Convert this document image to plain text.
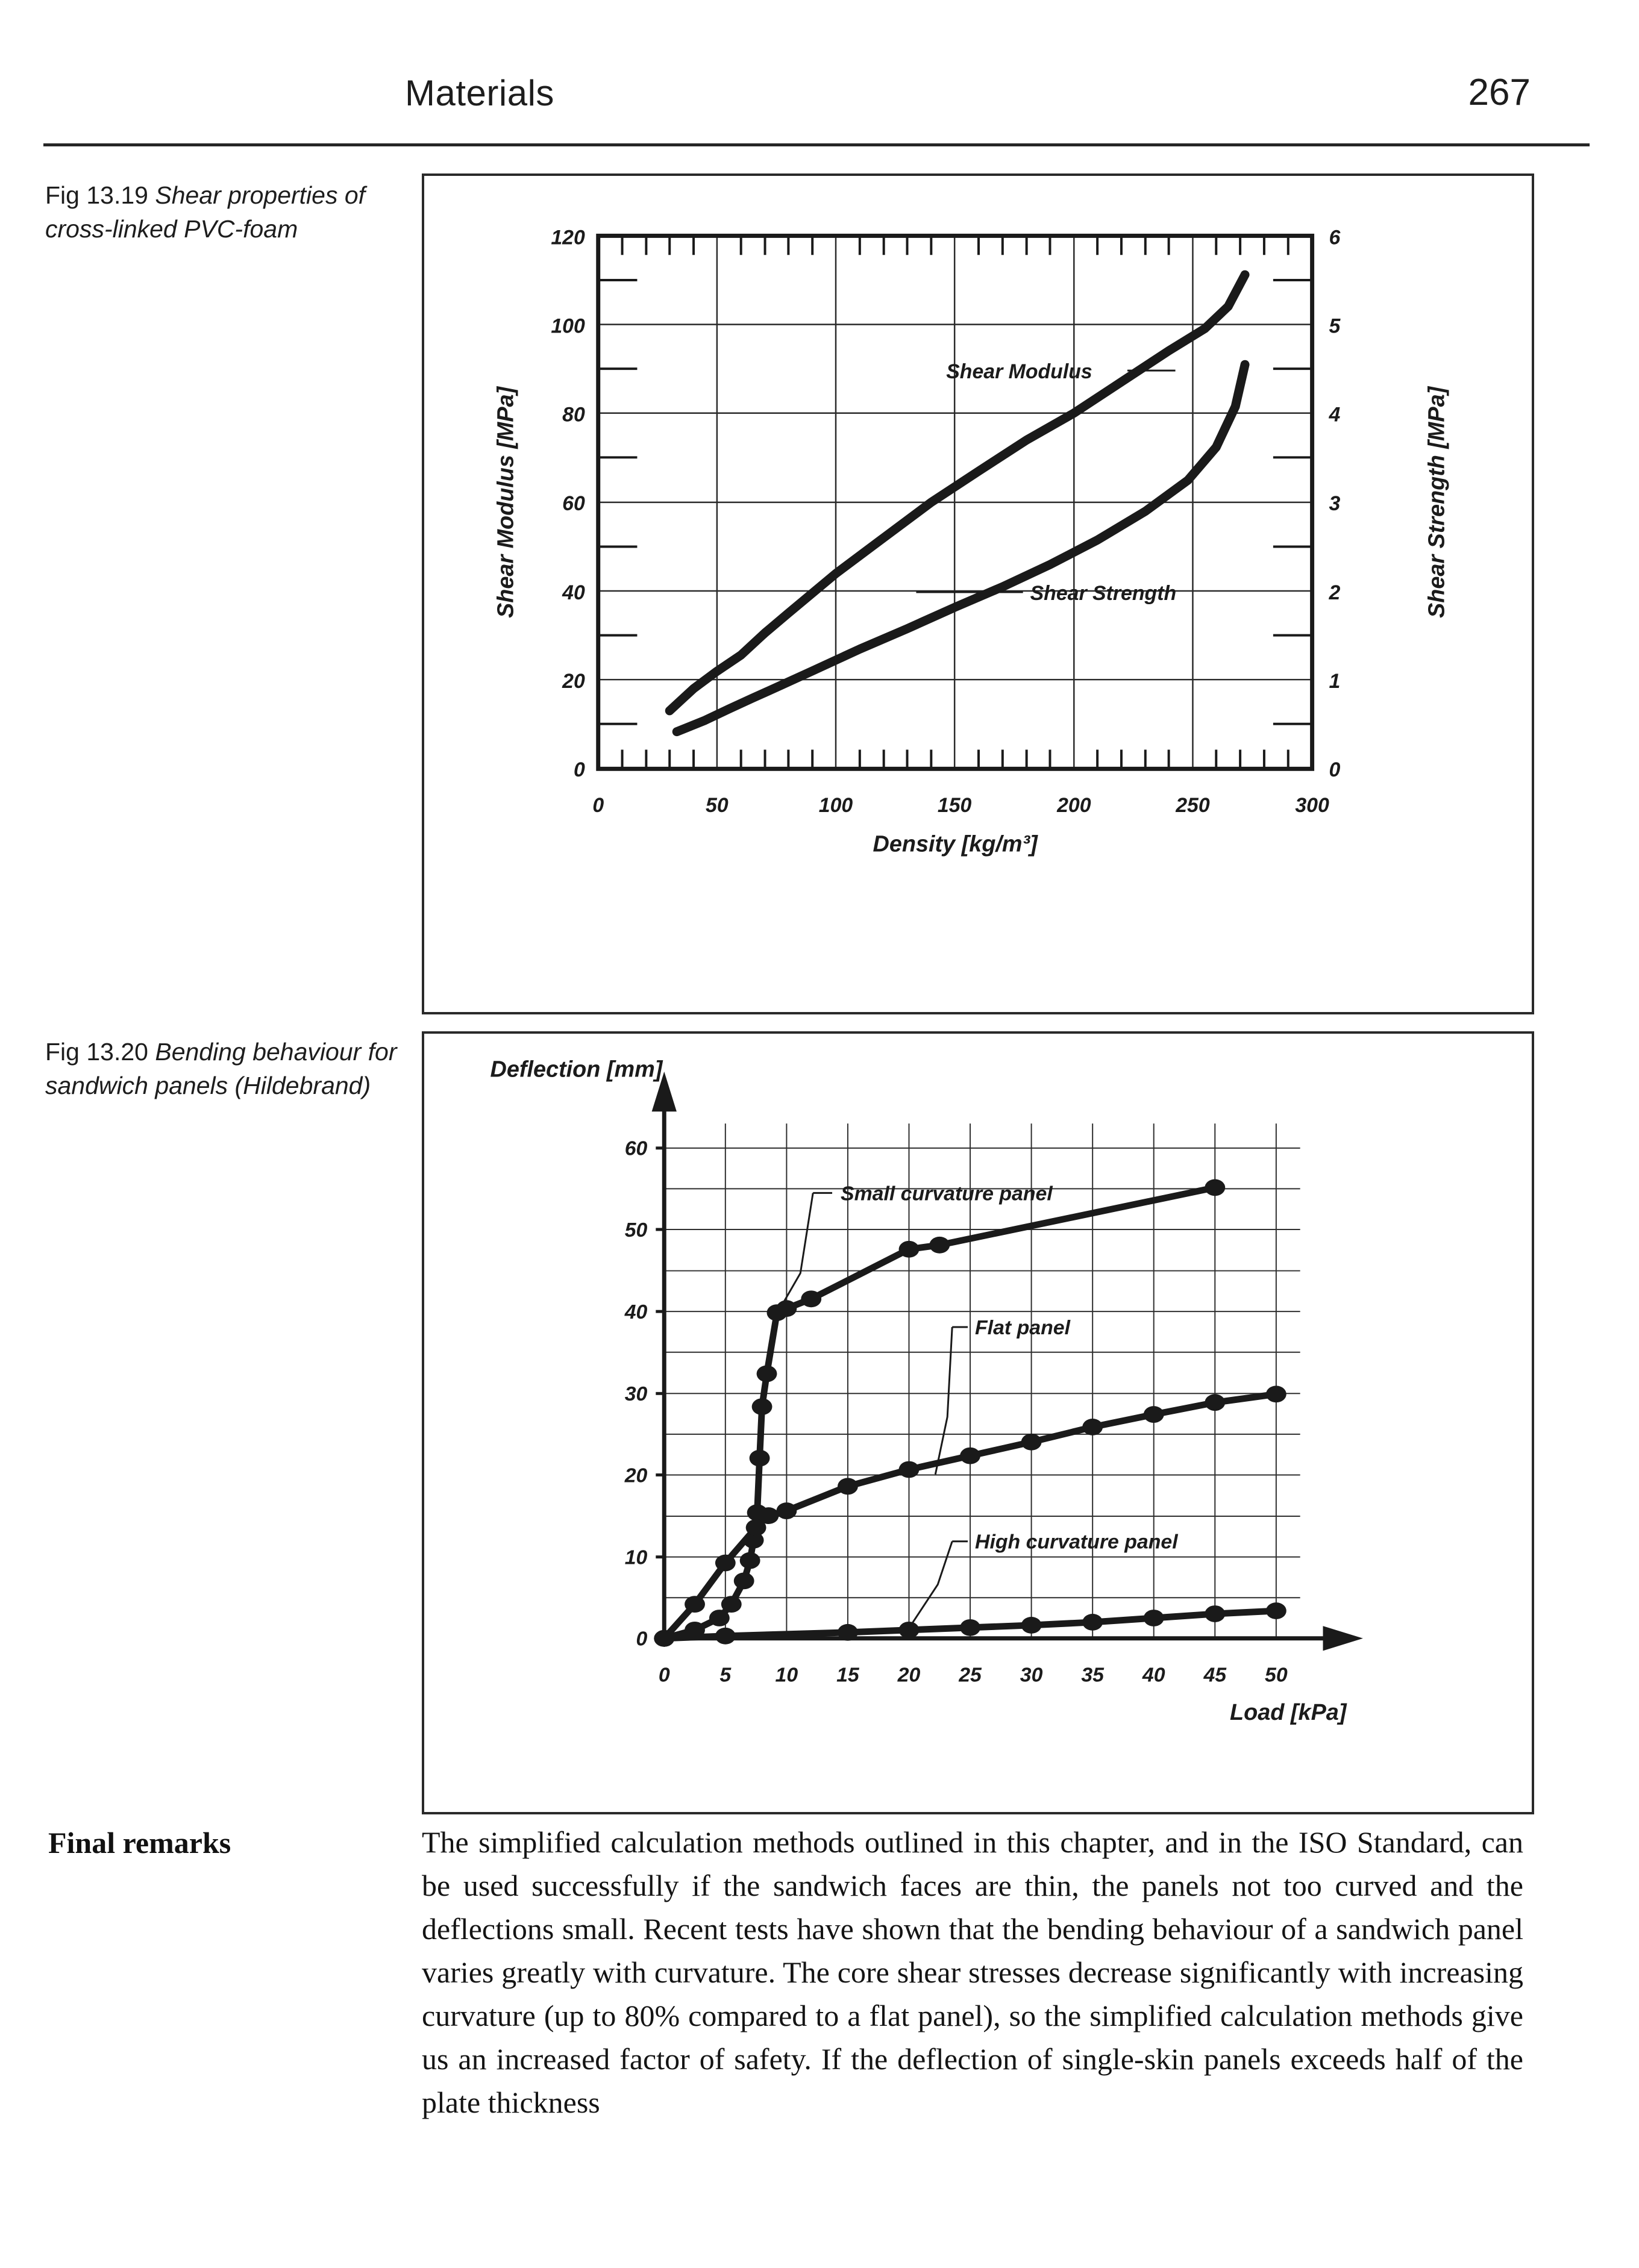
Materials	267
Fig 13.19 Shear properties of cross-linked PVC-foam	120
100
80
60
40
20
0
6
5
4
3
2
1
0
0	50	100	150	200	250	300
Shear Modulus [MPa]	Shear Strength [MPa]
Density [kg/m³]
Shear Modulus
Shear Strength
Fig 13.20 Bending behaviour for sandwich panels (Hildebrand)
60
50
40
30
20
10
0
0 5 10 15 20 25 30 35 40 45 50
Deflection [mm]
Load [kPa]
Small curvature panel
Flat panel
High curvature panel
Final remarks	The simplified calculation methods outlined in this chapter, and in the ISO Standard, can be used successfully if the sandwich faces are thin, the panels not too curved and the deflections small. Recent tests have shown that the bending behaviour of a sandwich panel varies greatly with curvature. The core shear stresses decrease significantly with increasing curvature (up to 80% compared to a flat panel), so the simplified calculation methods give us an increased factor of safety. If the deflection of single-skin panels exceeds half of the plate thickness
